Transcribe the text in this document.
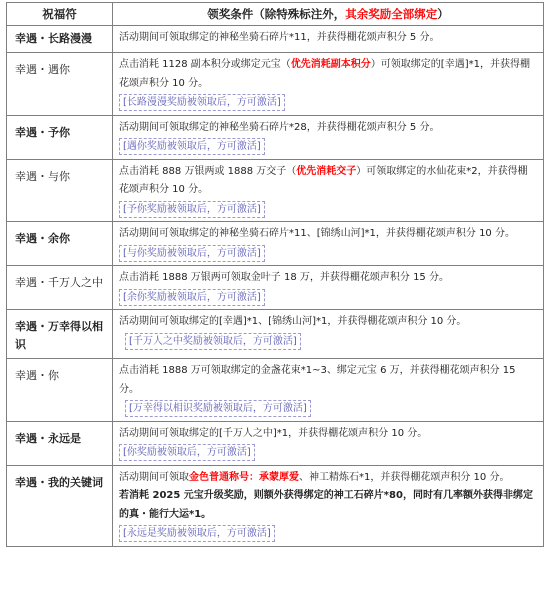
祝福符	领奖条件（除特殊标注外，其余奖励全部绑定）
幸遇・长路漫漫	活动期间可领取绑定的神秘坐骑石碎片*11，并获得棚花颂声积分 5 分。
幸遇・遇你	点击消耗 1128 副本积分或绑定元宝（优先消耗副本积分）可领取绑定的[幸遇]*1，并获得棚花颂声积分 10 分。
[长路漫漫奖励被领取后，方可激活]
幸遇・予你	活动期间可领取绑定的神秘坐骑石碎片*28，并获得棚花颂声积分 5 分。
[遇你奖励被领取后，方可激活]
幸遇・与你	点击消耗 888 万银两或 1888 万交子（优先消耗交子）可领取绑定的水仙花束*2，并获得棚花颂声积分 10 分。
[予你奖励被领取后，方可激活]
幸遇・余你	活动期间可领取绑定的神秘坐骑石碎片*11、[锦绣山河]*1，并获得棚花颂声积分 10 分。
[与你奖励被领取后，方可激活]
幸遇・千万人之中	点击消耗 1888 万银两可领取金叶子 18 万，并获得棚花颂声积分 15 分。
[余你奖励被领取后，方可激活]
幸遇・万幸得以相识	活动期间可领取绑定的[幸遇]*1、[锦绣山河]*1，并获得棚花颂声积分 10 分。
[千万人之中奖励被领取后，方可激活]
幸遇・你	点击消耗 1888 万可领取绑定的金盏花束*1~3、绑定元宝 6 万，并获得棚花颂声积分 15 分。
[万幸得以相识奖励被领取后，方可激活]
幸遇・永远是	活动期间可领取绑定的[千万人之中]*1，并获得棚花颂声积分 10 分。
[你奖励被领取后，方可激活]
幸遇・我的关键词	活动期间可领取金色普通称号：承蒙厚爱、神工精炼石*1，并获得棚花颂声积分 10 分。
若消耗 2025 元宝升级奖励，则额外获得绑定的神工石碎片*80，同时有几率额外获得非绑定的真・能行大运*1。
[永远是奖励被领取后，方可激活]
